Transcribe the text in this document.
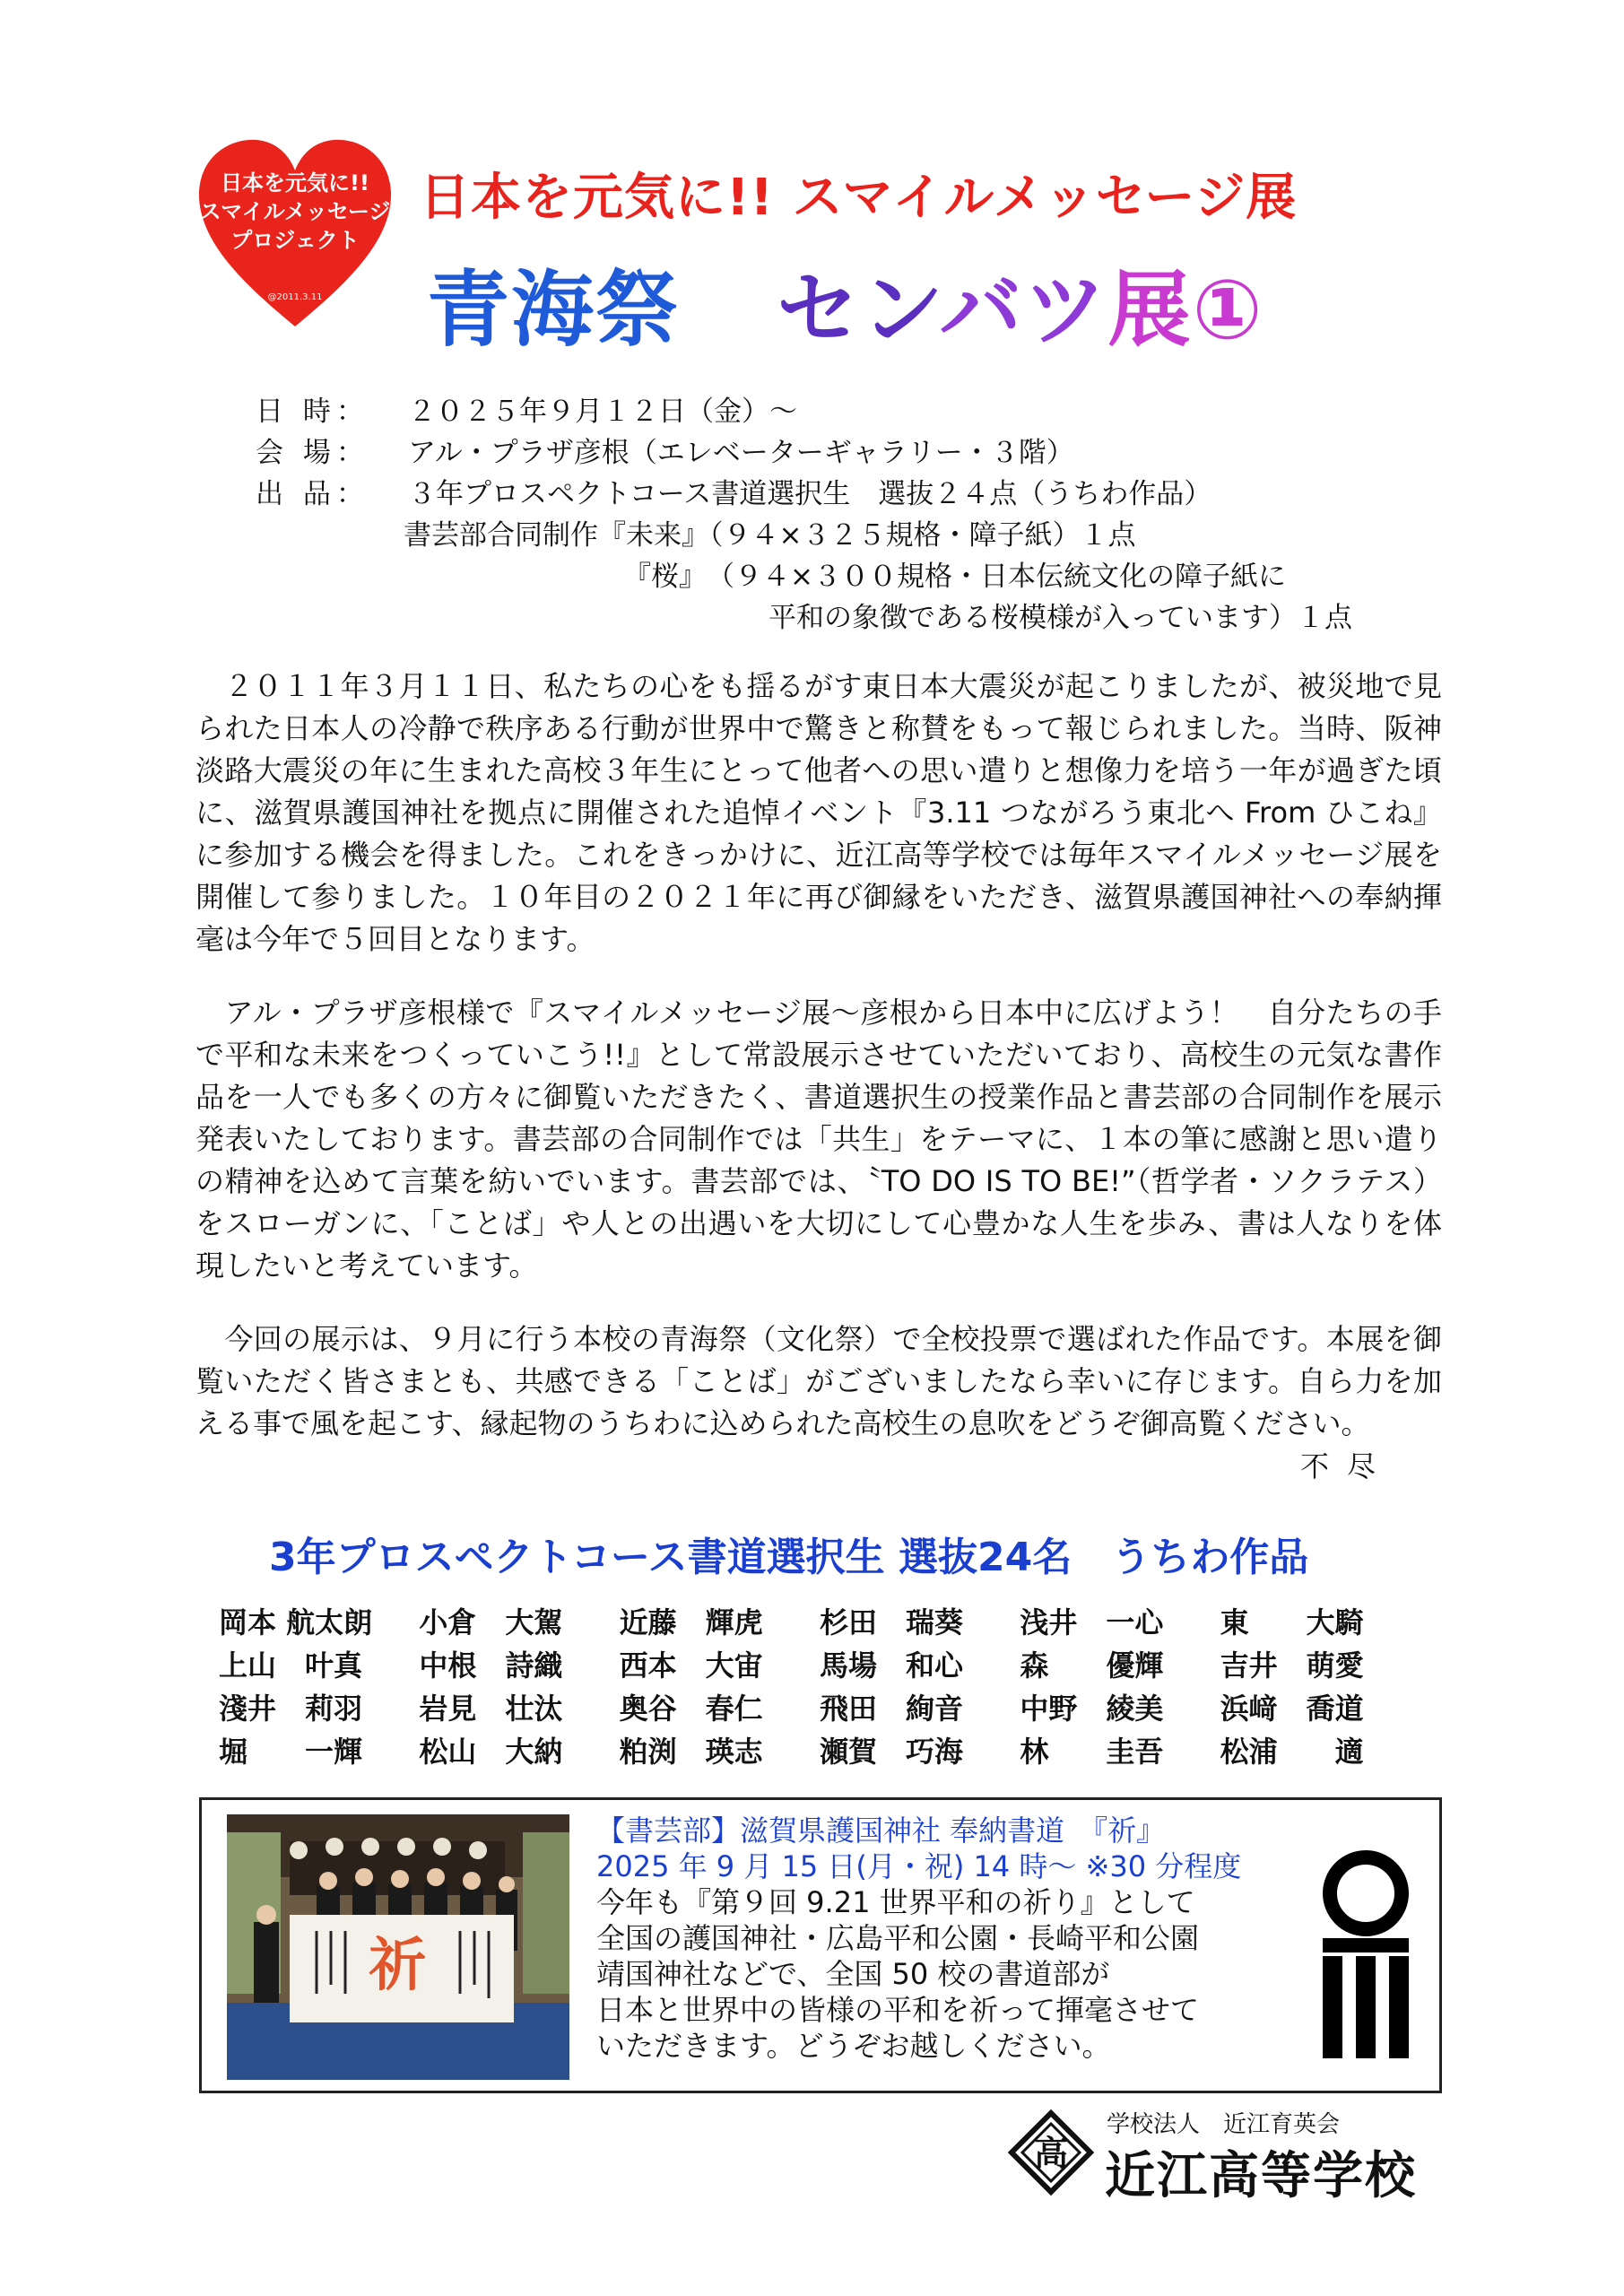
日本を元気に!!
スマイルメッセージ
プロジェクト
@2011.3.11
日本を元気に!! スマイルメッセージ展
青海祭 センバツ展①
日 時：	２０２５年９月１２日（金）～
会 場：	アル・プラザ彦根（エレベーターギャラリー・３階）
出 品：	３年プロスペクトコース書道選択生　選抜２４点（うちわ作品）
書芸部合同制作『未来』（９４×３２５規格・障子紙）１点
『桜』　（９４×３００規格・日本伝統文化の障子紙に
平和の象徴である桜模様が入っています）１点

　２０１１年３月１１日、私たちの心をも揺るがす東日本大震災が起こりましたが、被災地で見られた日本人の冷静で秩序ある行動が世界中で驚きと称賛をもって報じられました。当時、阪神淡路大震災の年に生まれた高校３年生にとって他者への思い遣りと想像力を培う一年が過ぎた頃に、滋賀県護国神社を拠点に開催された追悼イベント『3.11 つながろう東北へ From ひこね』に参加する機会を得ました。これをきっかけに、近江高等学校では毎年スマイルメッセージ展を開催して参りました。１０年目の２０２１年に再び御縁をいただき、滋賀県護国神社への奉納揮毫は今年で５回目となります。

　アル・プラザ彦根様で『スマイルメッセージ展～彦根から日本中に広げよう！　自分たちの手で平和な未来をつくっていこう!!』として常設展示させていただいており、高校生の元気な書作品を一人でも多くの方々に御覧いただきたく、書道選択生の授業作品と書芸部の合同制作を展示発表いたしております。書芸部の合同制作では「共生」をテーマに、１本の筆に感謝と思い遣りの精神を込めて言葉を紡いでいます。書芸部では、〝TO DO IS TO BE!”（哲学者・ソクラテス）をスローガンに、「ことば」や人との出遇いを大切にして心豊かな人生を歩み、書は人なりを体現したいと考えています。

　今回の展示は、９月に行う本校の青海祭（文化祭）で全校投票で選ばれた作品です。本展を御覧いただく皆さまとも、共感できる「ことば」がございましたなら幸いに存じます。自ら力を加える事で風を起こす、縁起物のうちわに込められた高校生の息吹をどうぞ御高覧ください。

不尽
3年プロスペクトコース書道選択生 選抜24名　うちわ作品
岡本 航太朗	小倉　大駕	近藤　輝虎	杉田　瑞葵	浅井　一心	東　　大騎
上山　叶真	中根　詩織	西本　大宙	馬場　和心	森　　優輝	吉井　萌愛
淺井　莉羽	岩見　壮汰	奥谷　春仁	飛田　絢音	中野　綾美	浜﨑　喬道
堀　　一輝	松山　大納	粕渕　瑛志	瀬賀　巧海	林　　圭吾	松浦　　適
祈
【書芸部】滋賀県護国神社 奉納書道　『祈』
2025 年 9 月 15 日(月・祝) 14 時～ ※30 分程度
今年も『第９回 9.21 世界平和の祈り』として
全国の護国神社・広島平和公園・長崎平和公園
靖国神社などで、全国 50 校の書道部が
日本と世界中の皆様の平和を祈って揮毫させて
いただきます。どうぞお越しください。
高
学校法人　近江育英会
近江高等学校
